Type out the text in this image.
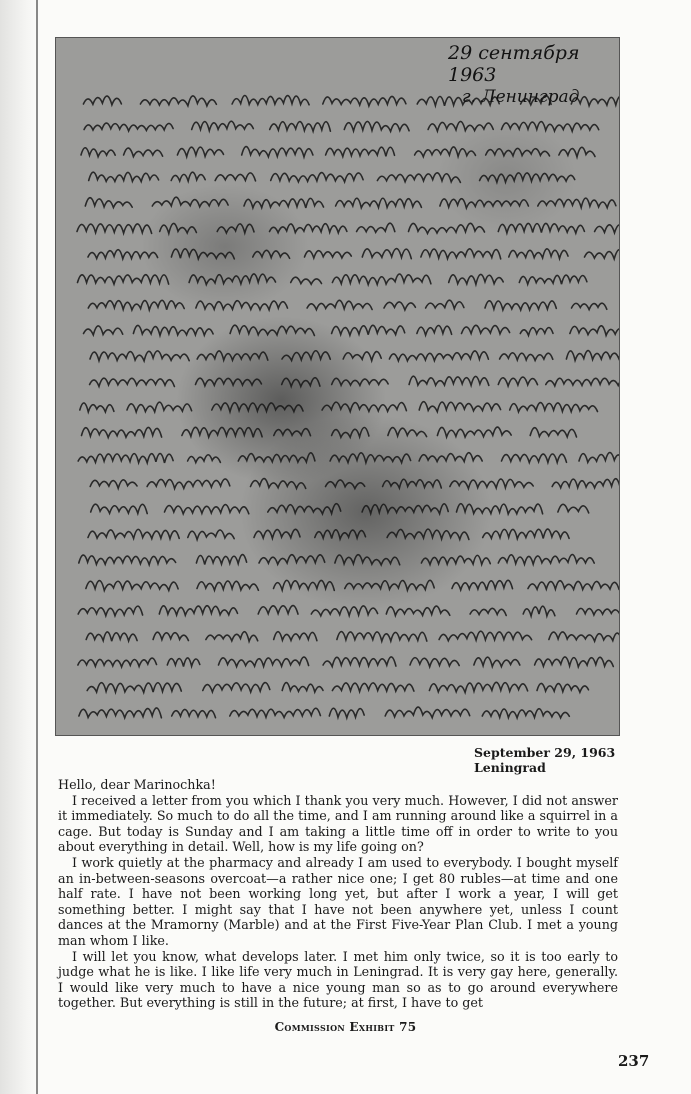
29 сентября 1963
г. Ленинград
September 29, 1963
Leningrad

Hello, dear Marinochka!

I received a letter from you which I thank you very much. However, I did not answer it immediately. So much to do all the time, and I am running around like a squirrel in a cage. But today is Sunday and I am taking a little time off in order to write to you about everything in detail. Well, how is my life going on?

I work quietly at the pharmacy and already I am used to everybody. I bought myself an in-between-seasons overcoat—a rather nice one; I get 80 rubles—at time and one half rate. I have not been working long yet, but after I work a year, I will get something better. I might say that I have not been anywhere yet, unless I count dances at the Mramorny (Marble) and at the First Five-Year Plan Club. I met a young man whom I like.

I will let you know, what develops later. I met him only twice, so it is too early to judge what he is like. I like life very much in Leningrad. It is very gay here, generally. I would like very much to have a nice young man so as to go around everywhere together. But everything is still in the future; at first, I have to get

Commission Exhibit 75
237
